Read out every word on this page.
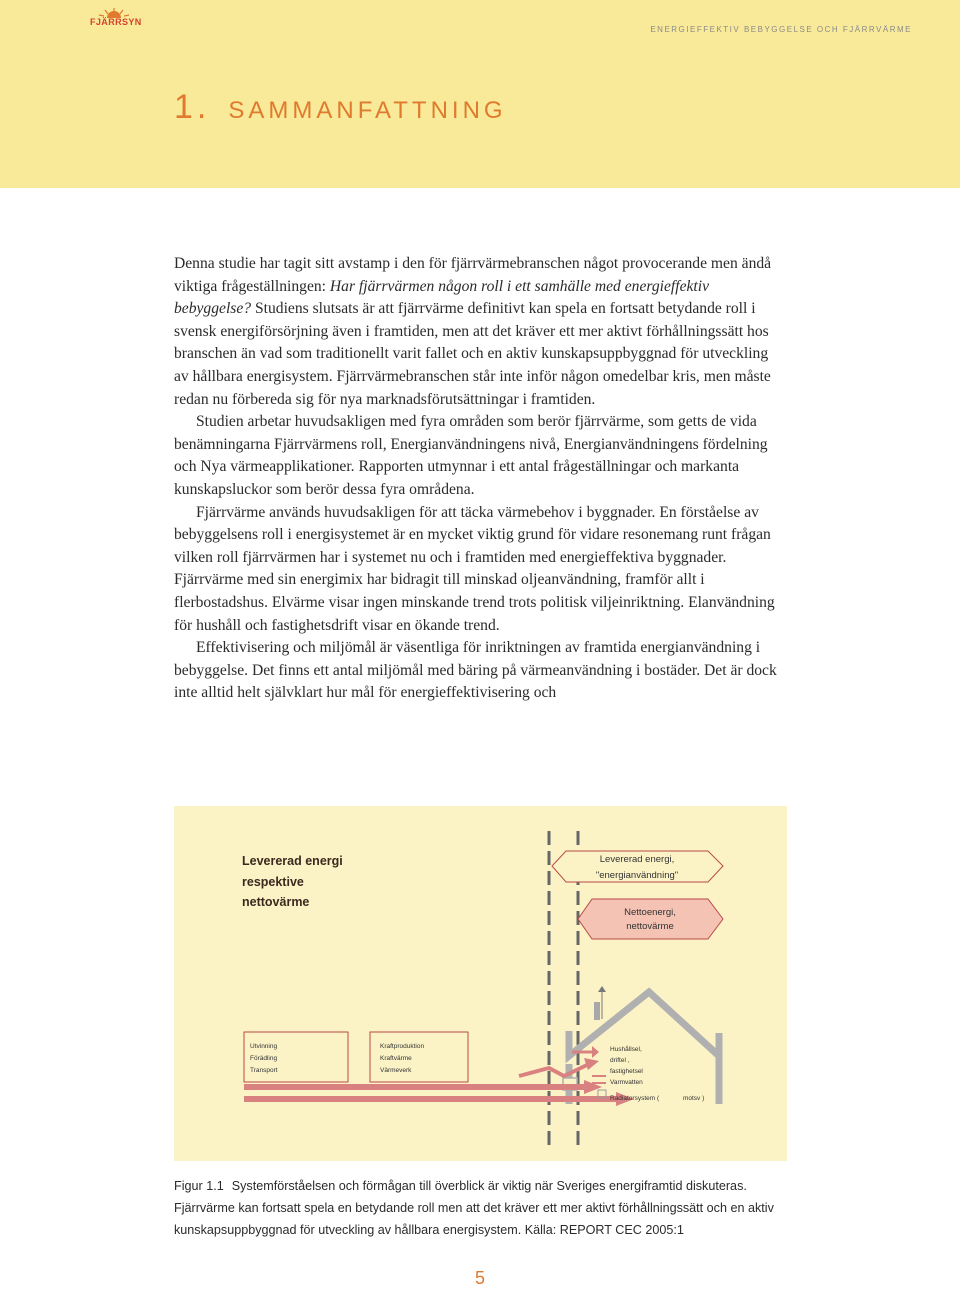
FJÄRRSYN
ENERGIEFFEKTIV BEBYGGELSE OCH FJÄRRVÄRME
1. sammanfattning

Denna studie har tagit sitt avstamp i den för fjärrvärmebranschen något provocerande men ändå viktiga frågeställningen: Har fjärrvärmen någon roll i ett samhälle med energieffektiv bebyggelse? Studiens slutsats är att fjärrvärme definitivt kan spela en fortsatt betydande roll i svensk energiförsörjning även i framtiden, men att det kräver ett mer aktivt förhållningssätt hos branschen än vad som traditionellt varit fallet och en aktiv kunskapsuppbyggnad för utveckling av hållbara energisystem. Fjärrvärmebranschen står inte inför någon omedelbar kris, men måste redan nu förbereda sig för nya marknadsförutsättningar i framtiden.

Studien arbetar huvudsakligen med fyra områden som berör fjärrvärme, som getts de vida benämningarna Fjärrvärmens roll, Energianvändningens nivå, Energianvändningens fördelning och Nya värmeapplikationer. Rapporten utmynnar i ett antal frågeställningar och markanta kunskapsluckor som berör dessa fyra områdena.

Fjärrvärme används huvudsakligen för att täcka värmebehov i byggnader. En förståelse av bebyggelsens roll i energisystemet är en mycket viktig grund för vidare resonemang runt frågan vilken roll fjärrvärmen har i systemet nu och i framtiden med energieffektiva byggnader. Fjärrvärme med sin energimix har bidragit till minskad oljeanvändning, framför allt i flerbostadshus. Elvärme visar ingen minskande trend trots politisk viljeinriktning. Elanvändning för hushåll och fastighetsdrift visar en ökande trend.

Effektivisering och miljömål är väsentliga för inriktningen av framtida energianvändning i bebyggelse. Det finns ett antal miljömål med bäring på värmeanvändning i bostäder. Det är dock inte alltid helt självklart hur mål för energieffektivisering och

Levererad energi
respektive
nettovärme
Levererad energi,
"energianvändning"
Nettoenergi,
nettovärme
Utvinning
Förädling
Transport
Kraftproduktion
Kraftvärme
Värmeverk
Hushållsel,
driftel ,
fastighetsel
Varmvatten
Radiatorsystem (	motsv )
Figur 1.1 Systemförståelsen och förmågan till överblick är viktig när Sveriges energiframtid diskuteras. Fjärrvärme kan fortsatt spela en betydande roll men att det kräver ett mer aktivt förhållningssätt och en aktiv kunskapsuppbyggnad för utveckling av hållbara energisystem. Källa: REPORT CEC 2005:1
5
